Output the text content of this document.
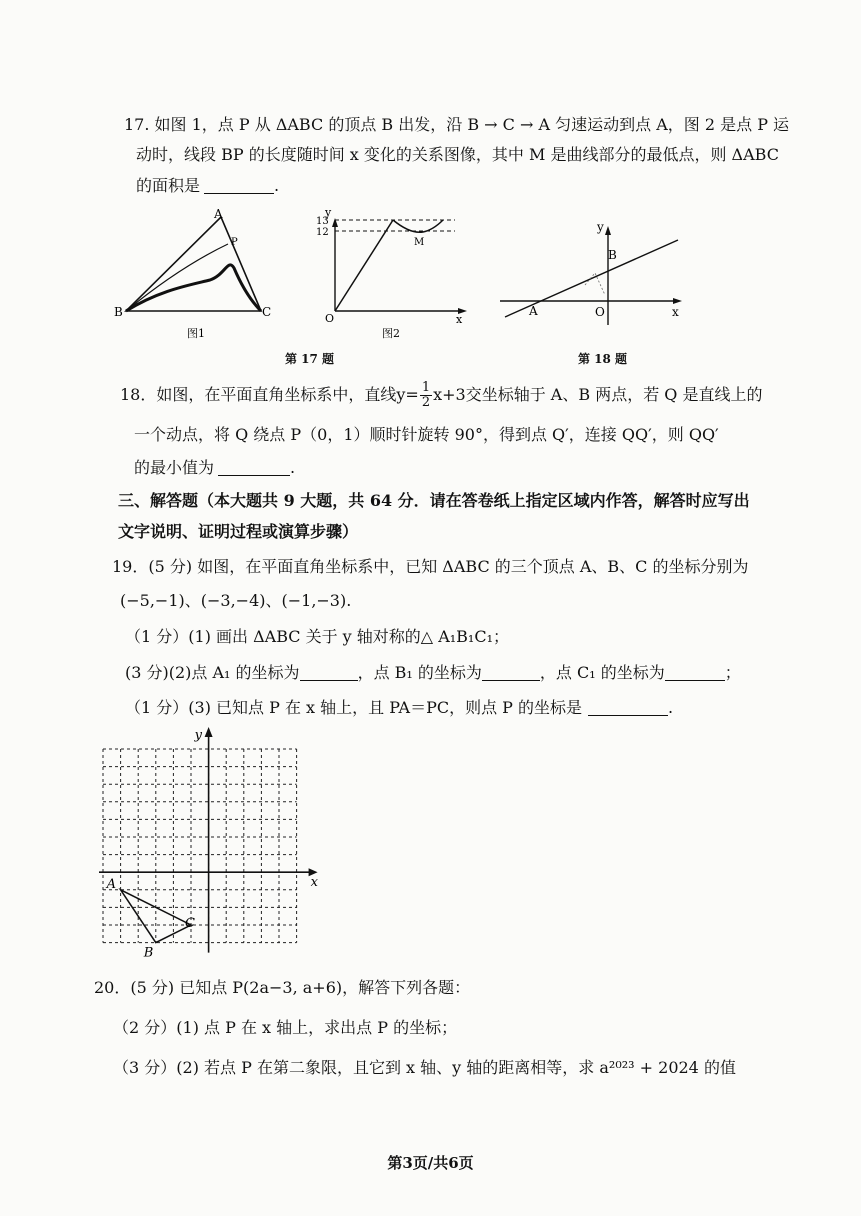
17. 如图 1，点 P 从 ΔABC 的顶点 B 出发，沿 B → C → A 匀速运动到点 A，图 2 是点 P 运
动时，线段 BP 的长度随时间 x 变化的关系图像，其中 M 是曲线部分的最低点，则 ΔABC
的面积是	.
A
P
B	C
图1
y
13
12
M
O	x
图2
y
B
A	O	x
第 17 题	第 18 题
18．如图，在平面直角坐标系中，直线$y= \frac{1}{2} x+3$交坐标轴于 A、B 两点，若 Q 是直线上的
一个动点，将 Q 绕点 P（0，1）顺时针旋转 90°，得到点 Q′，连接 QQ′，则 QQ′
的最小值为	.
三、解答题（本大题共 9 大题，共 64 分．请在答卷纸上指定区域内作答，解答时应写出
文字说明、证明过程或演算步骤）
19．(5 分) 如图，在平面直角坐标系中，已知 ΔABC 的三个顶点 A、B、C 的坐标分别为
(−5,−1)、(−3,−4)、(−1,−3).
（1 分）(1) 画出 ΔABC 关于 y 轴对称的△ A₁B₁C₁；
(3 分)(2)点 A₁ 的坐标为	，点 B₁ 的坐标为	，点 C₁ 的坐标为	；
（1 分）(3) 已知点 P 在 x 轴上，且 PA＝PC，则点 P 的坐标是	.
A
B
C
x
y
20．(5 分) 已知点 P(2a−3, a+6)，解答下列各题：
（2 分）(1) 点 P 在 x 轴上，求出点 P 的坐标；
（3 分）(2) 若点 P 在第二象限，且它到 x 轴、y 轴的距离相等，求 a²⁰²³ + 2024 的值
第3页/共6页
